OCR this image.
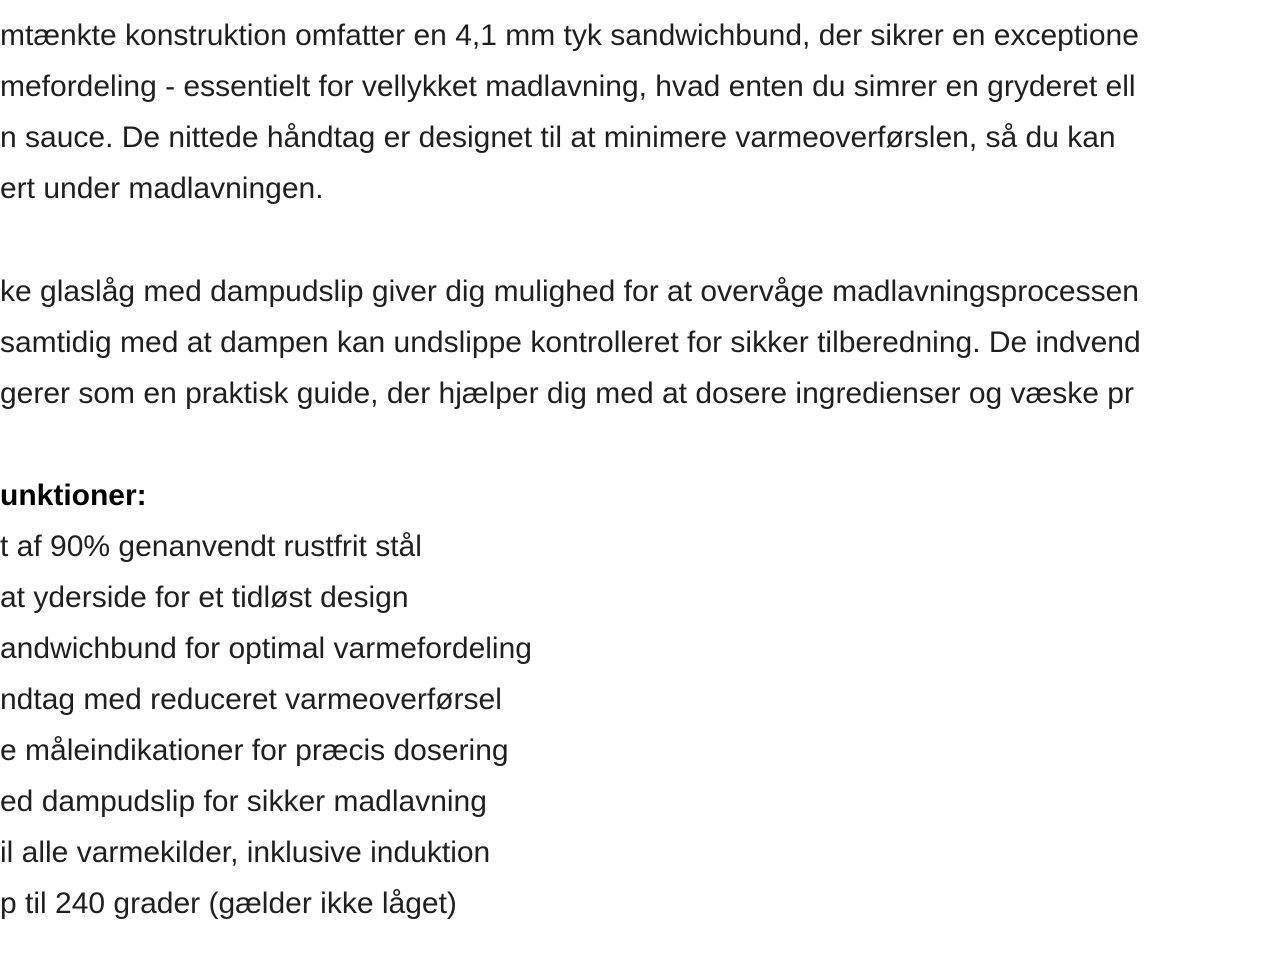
mtænkte konstruktion omfatter en 4,1 mm tyk sandwichbund, der sikrer en exceptione
mefordeling - essentielt for vellykket madlavning, hvad enten du simrer en gryderet ell
n sauce. De nittede håndtag er designet til at minimere varmeoverførslen, så du kan
ert under madlavningen.
ke glaslåg med dampudslip giver dig mulighed for at overvåge madlavningsprocessen
samtidig med at dampen kan undslippe kontrolleret for sikker tilberedning. De indvend
gerer som en praktisk guide, der hjælper dig med at dosere ingredienser og væske pr
unktioner:
t af 90% genanvendt rustfrit stål
at yderside for et tidløst design
andwichbund for optimal varmefordeling
ndtag med reduceret varmeoverførsel
e måleindikationer for præcis dosering
ed dampudslip for sikker madlavning
il alle varmekilder, inklusive induktion
p til 240 grader (gælder ikke låget)
